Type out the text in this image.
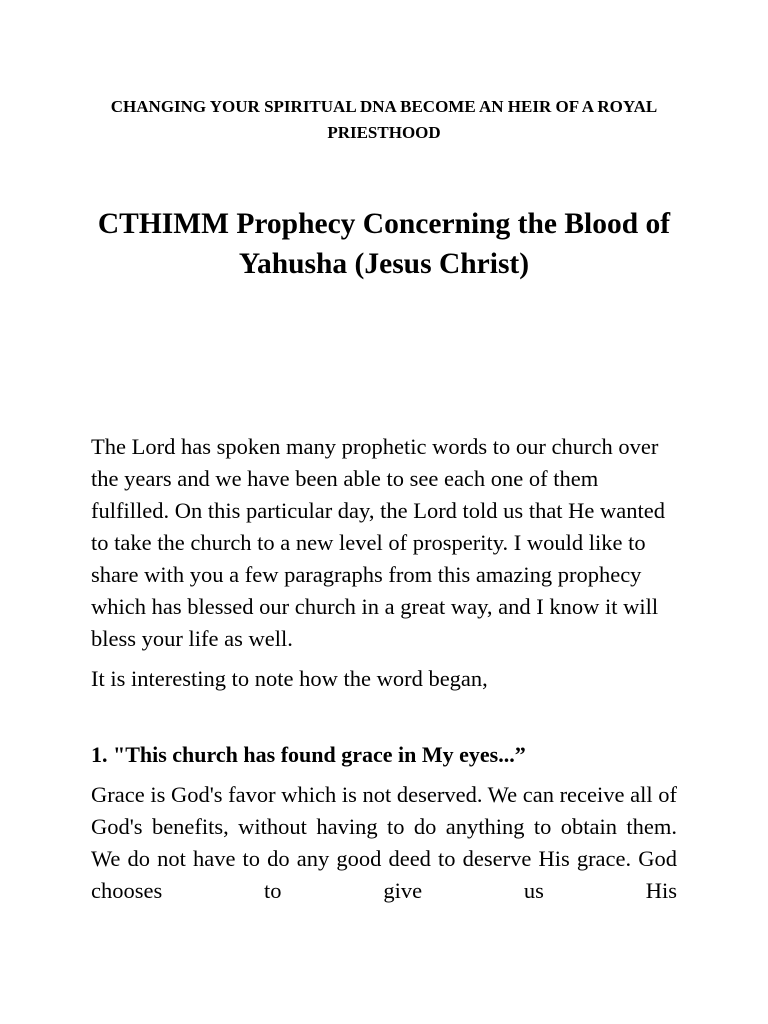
CHANGING YOUR SPIRITUAL DNA BECOME AN HEIR OF A ROYAL PRIESTHOOD

CTHIMM Prophecy Concerning the Blood of Yahusha (Jesus Christ)

The Lord has spoken many prophetic words to our church over the years and we have been able to see each one of them fulfilled. On this particular day, the Lord told us that He wanted to take the church to a new level of prosperity. I would like to share with you a few paragraphs from this amazing prophecy which has blessed our church in a great way, and I know it will bless your life as well.

It is interesting to note how the word began,

1. "This church has found grace in My eyes...”

Grace is God's favor which is not deserved. We can receive all of God's benefits, without having to do anything to obtain them. We do not have to do any good deed to deserve His grace. God chooses to give us His
